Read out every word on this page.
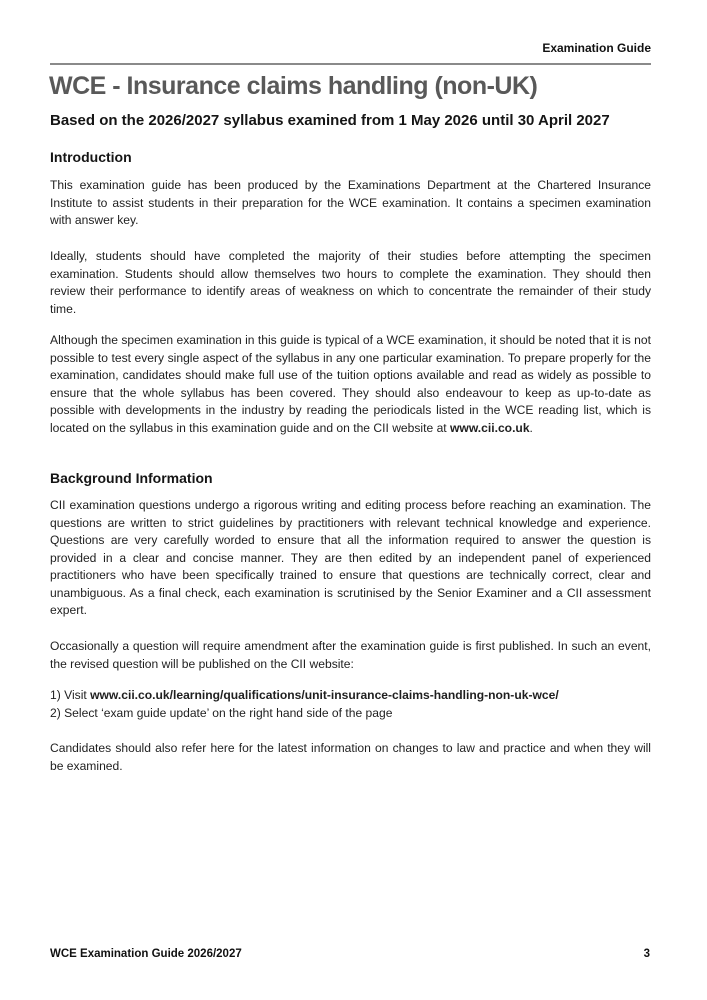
Examination Guide
WCE - Insurance claims handling (non-UK)
Based on the 2026/2027 syllabus examined from 1 May 2026 until 30 April 2027
Introduction

This examination guide has been produced by the Examinations Department at the Chartered Insurance Institute to assist students in their preparation for the WCE examination. It contains a specimen examination with answer key.

Ideally, students should have completed the majority of their studies before attempting the specimen examination. Students should allow themselves two hours to complete the examination. They should then review their performance to identify areas of weakness on which to concentrate the remainder of their study time.

Although the specimen examination in this guide is typical of a WCE examination, it should be noted that it is not possible to test every single aspect of the syllabus in any one particular examination. To prepare properly for the examination, candidates should make full use of the tuition options available and read as widely as possible to ensure that the whole syllabus has been covered. They should also endeavour to keep as up-to-date as possible with developments in the industry by reading the periodicals listed in the WCE reading list, which is located on the syllabus in this examination guide and on the CII website at www.cii.co.uk.

Background Information

CII examination questions undergo a rigorous writing and editing process before reaching an examination. The questions are written to strict guidelines by practitioners with relevant technical knowledge and experience. Questions are very carefully worded to ensure that all the information required to answer the question is provided in a clear and concise manner. They are then edited by an independent panel of experienced practitioners who have been specifically trained to ensure that questions are technically correct, clear and unambiguous. As a final check, each examination is scrutinised by the Senior Examiner and a CII assessment expert.

Occasionally a question will require amendment after the examination guide is first published. In such an event, the revised question will be published on the CII website:

1) Visit www.cii.co.uk/learning/qualifications/unit-insurance-claims-handling-non-uk-wce/
2) Select ‘exam guide update’ on the right hand side of the page

Candidates should also refer here for the latest information on changes to law and practice and when they will be examined.

WCE Examination Guide 2026/2027	3
